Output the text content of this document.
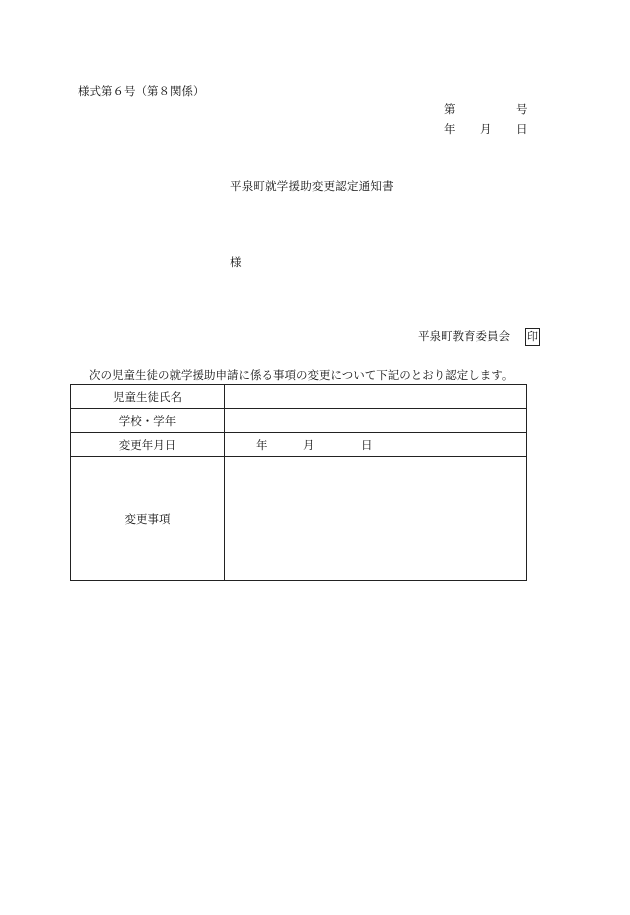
様式第６号（第８関係）
第	号
年 月 日
平泉町就学援助変更認定通知書
様
平泉町教育委員会 印
次の児童生徒の就学援助申請に係る事項の変更について下記のとおり認定します。
児童生徒氏名	
学校・学年	
変更年月日	年 月 日

変更事項	
